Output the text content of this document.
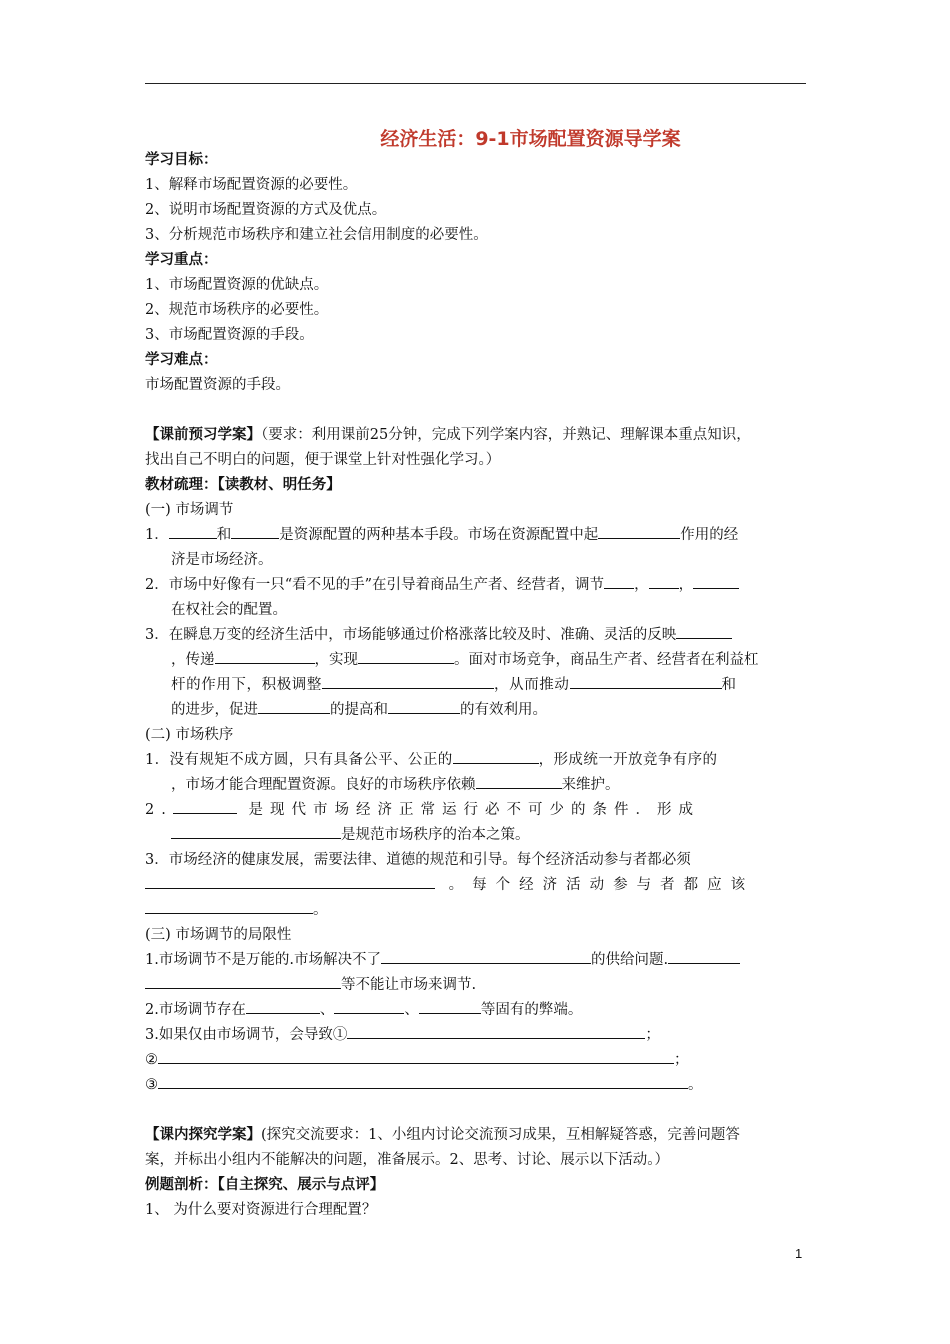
经济生活：9-1市场配置资源导学案
学习目标：
1、解释市场配置资源的必要性。
2、说明市场配置资源的方式及优点。
3、分析规范市场秩序和建立社会信用制度的必要性。
学习重点：
1、市场配置资源的优缺点。
2、规范市场秩序的必要性。
3、市场配置资源的手段。
学习难点：
市场配置资源的手段。
【课前预习学案】（要求：利用课前25分钟，完成下列学案内容，并熟记、理解课本重点知识，
找出自己不明白的问题，便于课堂上针对性强化学习。）
教材疏理：【读教材、明任务】
(一) 市场调节
1．	和	是资源配置的两种基本手段。市场在资源配置中起	作用的经
济是市场经济。
2．市场中好像有一只“看不见的手”在引导着商品生产者、经营者，调节 ， ，
在权社会的配置。
3．在瞬息万变的经济生活中，市场能够通过价格涨落比较及时、准确、灵活的反映
，传递	，实现	。面对市场竞争，商品生产者、经营者在利益杠
杆的作用下，积极调整	，从而推动	和
的进步，促进	的提高和	的有效利用。
(二) 市场秩序
1．没有规矩不成方圆，只有具备公平、公正的	，形成统一开放竞争有序的
，市场才能合理配置资源。良好的市场秩序依赖	来维护。
2.	是现代市场经济正常运行必不可少的条件．形成
是规范市场秩序的治本之策。
3．市场经济的健康发展，需要法律、道德的规范和引导。每个经济活动参与者都必须
。每个经济活动参与者都应该
。
(三) 市场调节的局限性
1.市场调节不是万能的.市场解决不了	的供给问题.
等不能让市场来调节.
2.市场调节存在	、	、	等固有的弊端。
3.如果仅由市场调节，会导致①	；
②	；
③	。
【课内探究学案】(探究交流要求：1、小组内讨论交流预习成果，互相解疑答惑，完善问题答
案，并标出小组内不能解决的问题，准备展示。2、思考、讨论、展示以下活动。）
例题剖析：【自主探究、展示与点评】
1、 为什么要对资源进行合理配置？
1
